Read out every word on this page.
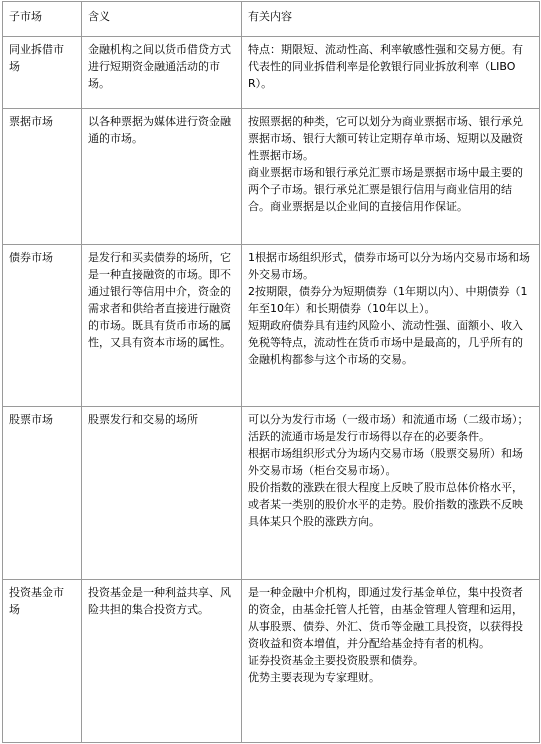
子市场	含义	有关内容

同业拆借市场	金融机构之间以货币借贷方式进行短期资金融通活动的市场。	特点：期限短、流动性高、利率敏感性强和交易方便。有代表性的同业拆借利率是伦敦银行同业拆放利率（LIBOR）。

票据市场	以各种票据为媒体进行资金融通的市场。	按照票据的种类，它可以划分为商业票据市场、银行承兑票据市场、银行大额可转让定期存单市场、短期以及融资性票据市场。
商业票据市场和银行承兑汇票市场是票据市场中最主要的两个子市场。银行承兑汇票是银行信用与商业信用的结合。商业票据是以企业间的直接信用作保证。

债券市场	是发行和买卖债券的场所，它是一种直接融资的市场。即不通过银行等信用中介，资金的需求者和供给者直接进行融资的市场。既具有货币市场的属性，又具有资本市场的属性。	1根据市场组织形式，债券市场可以分为场内交易市场和场外交易市场。
2按期限，债券分为短期债券（1年期以内）、中期债券（1年至10年）和长期债券（10年以上）。
短期政府债券具有违约风险小、流动性强、面额小、收入免税等特点，流动性在货币市场中是最高的，几乎所有的金融机构都参与这个市场的交易。

股票市场	股票发行和交易的场所	可以分为发行市场（一级市场）和流通市场（二级市场）；活跃的流通市场是发行市场得以存在的必要条件。
根据市场组织形式分为场内交易市场（股票交易所）和场外交易市场（柜台交易市场）。
股价指数的涨跌在很大程度上反映了股市总体价格水平，或者某一类别的股价水平的走势。股价指数的涨跌不反映具体某只个股的涨跌方向。

投资基金市场	投资基金是一种利益共享、风险共担的集合投资方式。	是一种金融中介机构，即通过发行基金单位，集中投资者的资金，由基金托管人托管，由基金管理人管理和运用，从事股票、债券、外汇、货币等金融工具投资，以获得投资收益和资本增值，并分配给基金持有者的机构。
证券投资基金主要投资股票和债券。
优势主要表现为专家理财。
